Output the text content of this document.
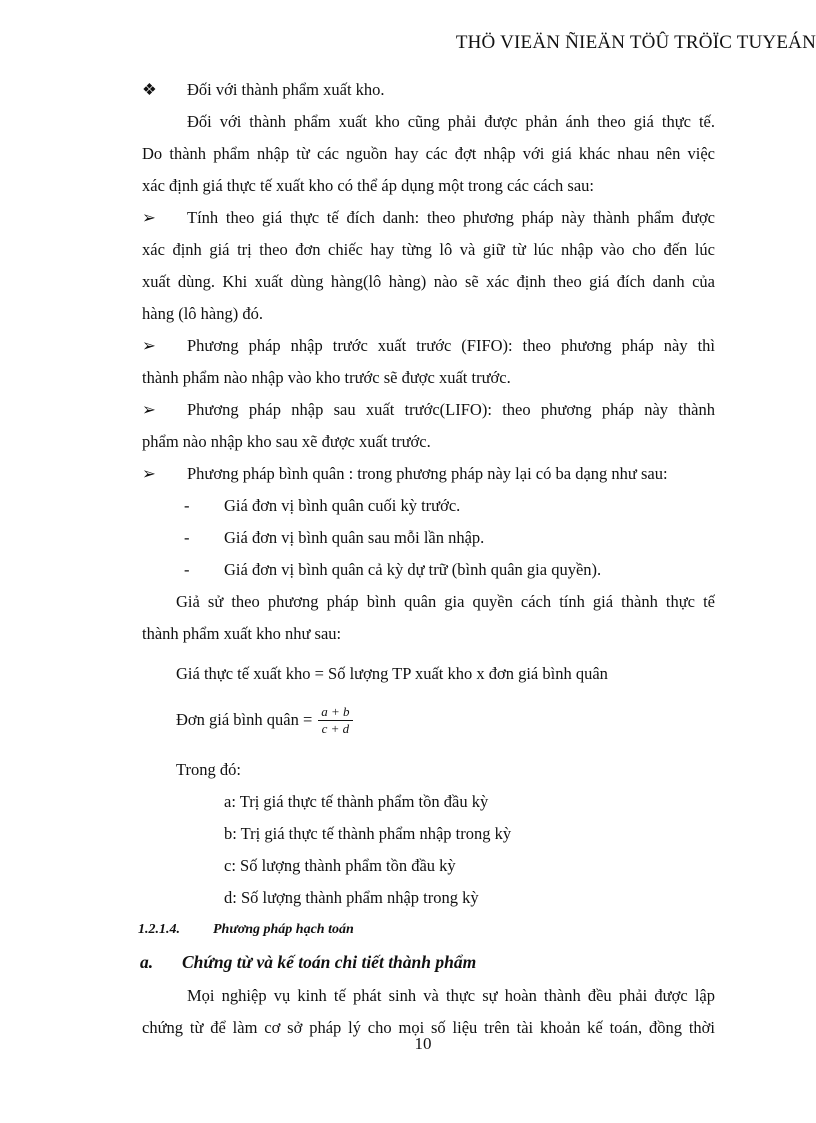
THÖ VIEÄN ÑIEÄN TÖÛ TRÖÏC TUYEÁN
❖ Đối với thành phẩm xuất kho.
Đối với thành phẩm xuất kho cũng phải được phản ánh theo giá thực tế.
Do thành phẩm nhập từ các nguồn hay các đợt nhập với giá khác nhau nên việc
xác định giá thực tế xuất kho có thể áp dụng một trong các cách sau:
➢	Tính theo giá thực tế đích danh: theo phương pháp này thành phẩm được
xác định giá trị theo đơn chiếc hay từng lô và giữ từ lúc nhập vào cho đến lúc
xuất dùng. Khi xuất dùng hàng(lô hàng) nào sẽ xác định theo giá đích danh của
hàng (lô hàng) đó.
➢	Phương pháp nhập trước xuất trước (FIFO): theo phương pháp này thì
thành phẩm nào nhập vào kho trước sẽ được xuất trước.
➢	Phương pháp nhập sau xuất trước(LIFO): theo phương pháp này thành
phẩm nào nhập kho sau xẽ được xuất trước.
➢ Phương pháp bình quân : trong phương pháp này lại có ba dạng như sau:
- Giá đơn vị bình quân cuối kỳ trước.
- Giá đơn vị bình quân sau mỗi lần nhập.
- Giá đơn vị bình quân cả kỳ dự trữ (bình quân gia quyền).
Giả sử theo phương pháp bình quân gia quyền cách tính giá thành thực tế
thành phẩm xuất kho như sau:
Giá thực tế xuất kho = Số lượng TP xuất kho x đơn giá bình quân
Đơn giá bình quân = $\frac{a + b}{c + d}$
Trong đó:
a: Trị giá thực tế thành phẩm tồn đầu kỳ
b: Trị giá thực tế thành phẩm nhập trong kỳ
c: Số lượng thành phẩm tồn đầu kỳ
d: Số lượng thành phẩm nhập trong kỳ
1.2.1.4. Phương pháp hạch toán
a. Chứng từ và kế toán chi tiết thành phẩm
Mọi nghiệp vụ kinh tế phát sinh và thực sự hoàn thành đều phải được lập
chứng từ để làm cơ sở pháp lý cho mọi số liệu trên tài khoản kế toán, đồng thời
10
